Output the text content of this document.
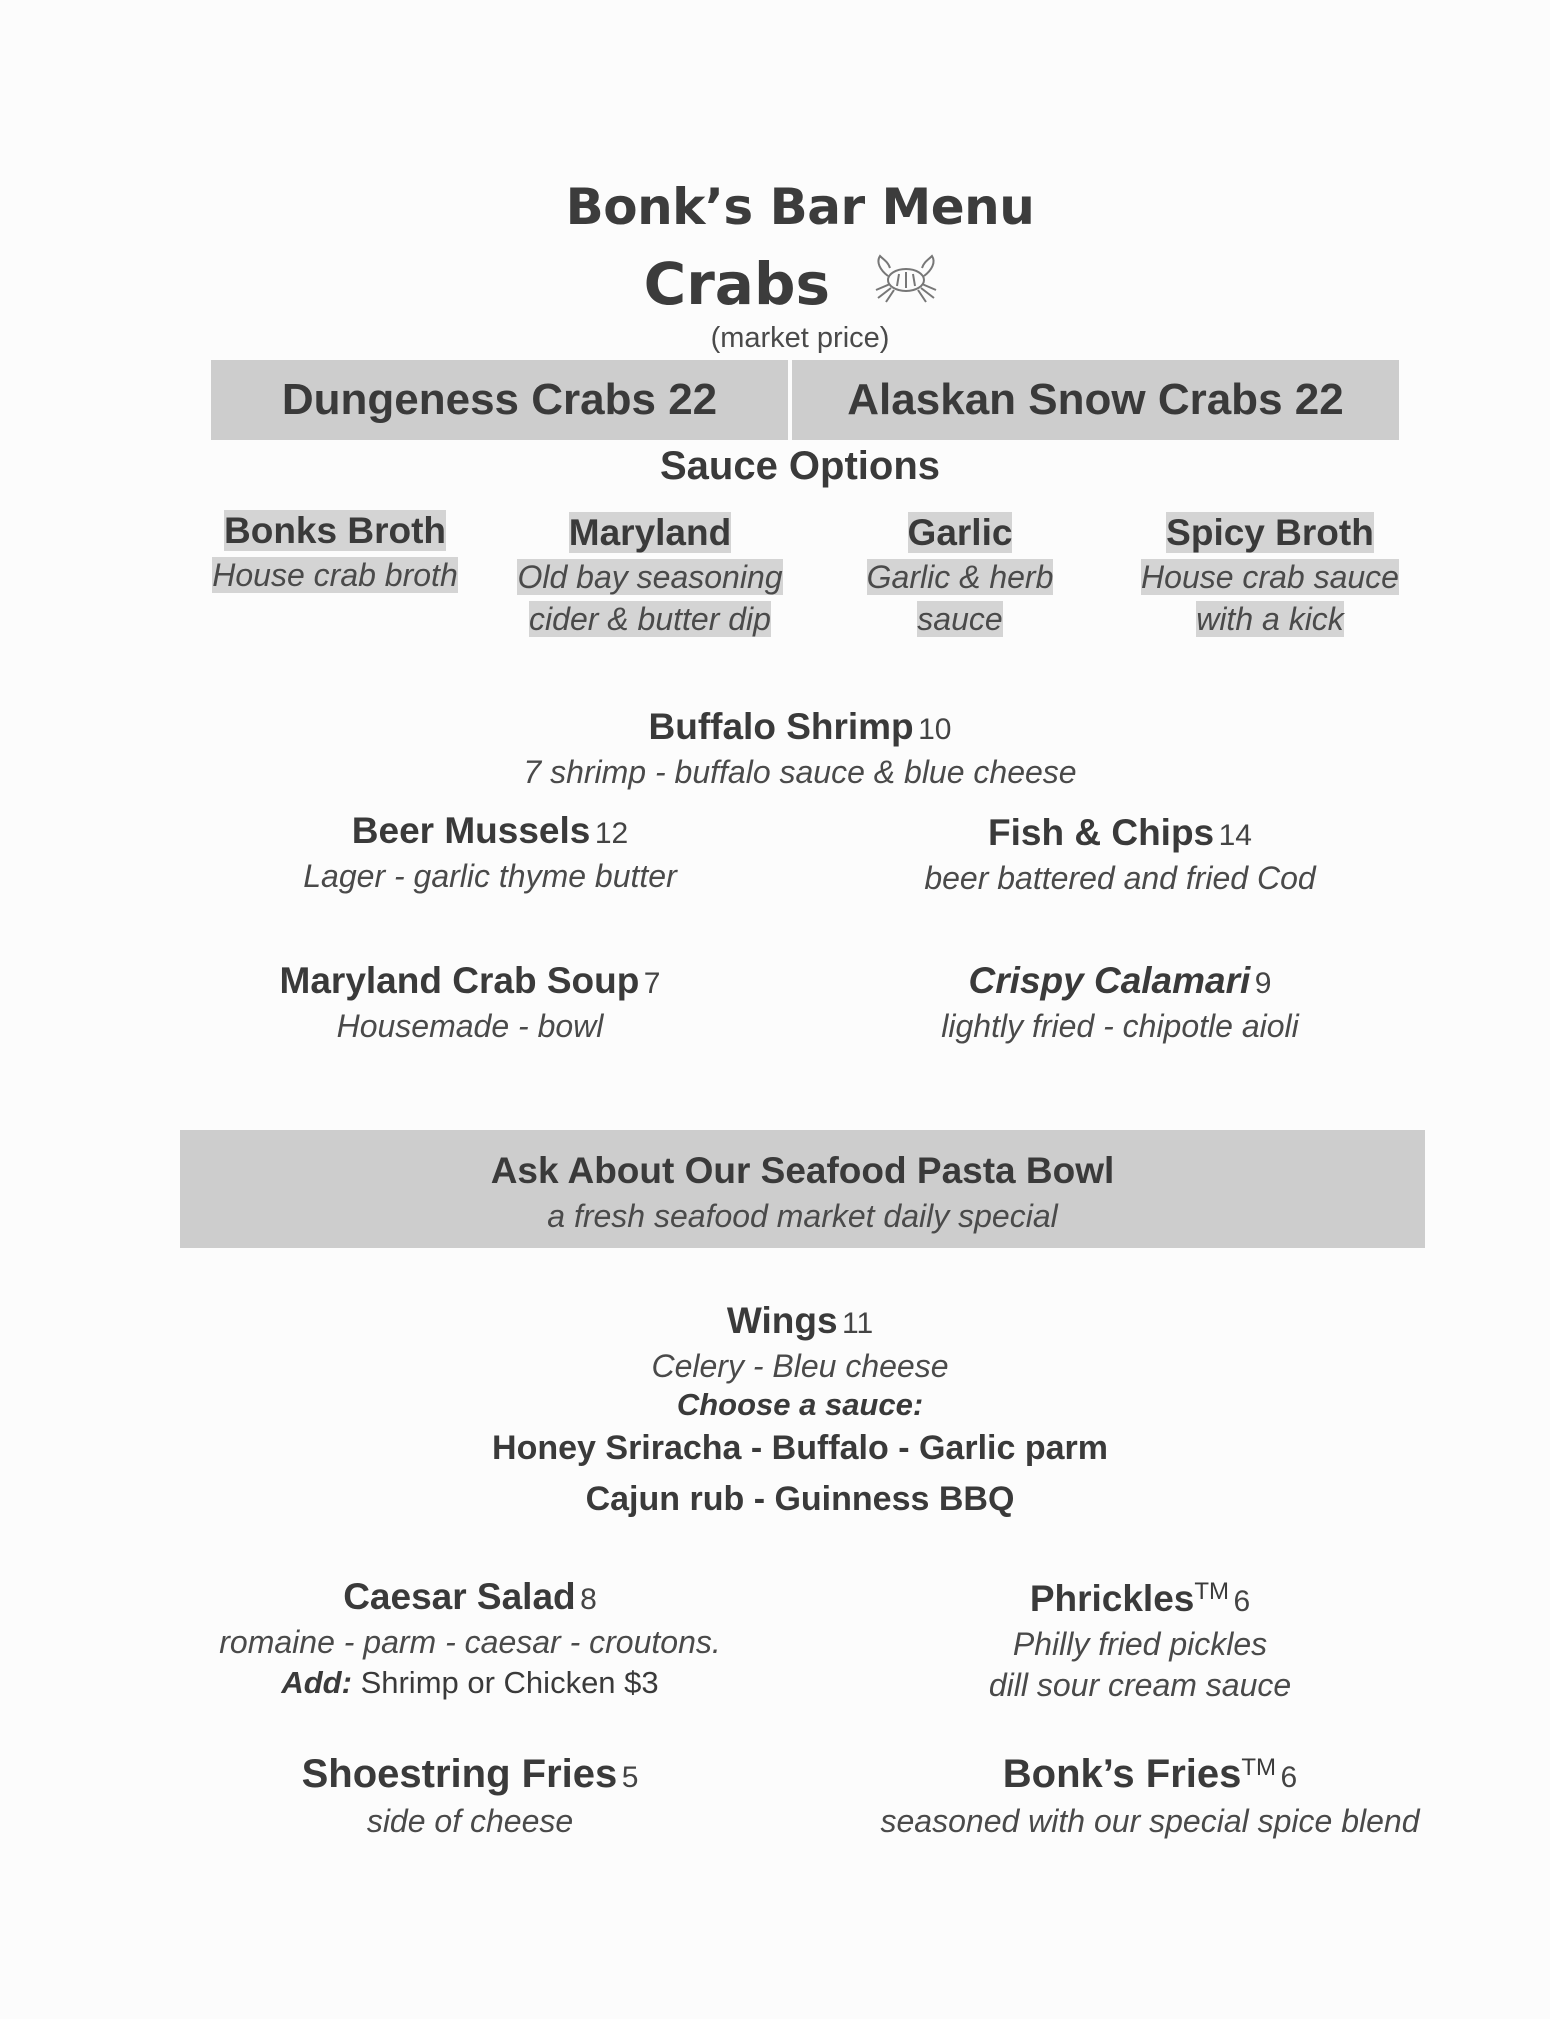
Bonk’s Bar Menu
Crabs
(market price)
Dungeness Crabs 22	Alaskan Snow Crabs 22
Sauce Options
Bonks Broth
House crab broth
Maryland
Old bay seasoning
cider & butter dip
Garlic
Garlic & herb
sauce
Spicy Broth
House crab sauce
with a kick
Buffalo Shrimp 10
7 shrimp - buffalo sauce & blue cheese
Beer Mussels 12
Lager - garlic thyme butter
Fish & Chips 14
beer battered and fried Cod
Maryland Crab Soup 7
Housemade - bowl
Crispy Calamari 9
lightly fried - chipotle aioli
Ask About Our Seafood Pasta Bowl
a fresh seafood market daily special
Wings 11
Celery - Bleu cheese
Choose a sauce:
Honey Sriracha - Buffalo - Garlic parm
Cajun rub - Guinness BBQ
Caesar Salad 8
romaine - parm - caesar - croutons.
Add: Shrimp or Chicken $3
PhricklesTM 6
Philly fried pickles
dill sour cream sauce
Shoestring Fries 5
side of cheese
Bonk’s FriesTM 6
seasoned with our special spice blend
